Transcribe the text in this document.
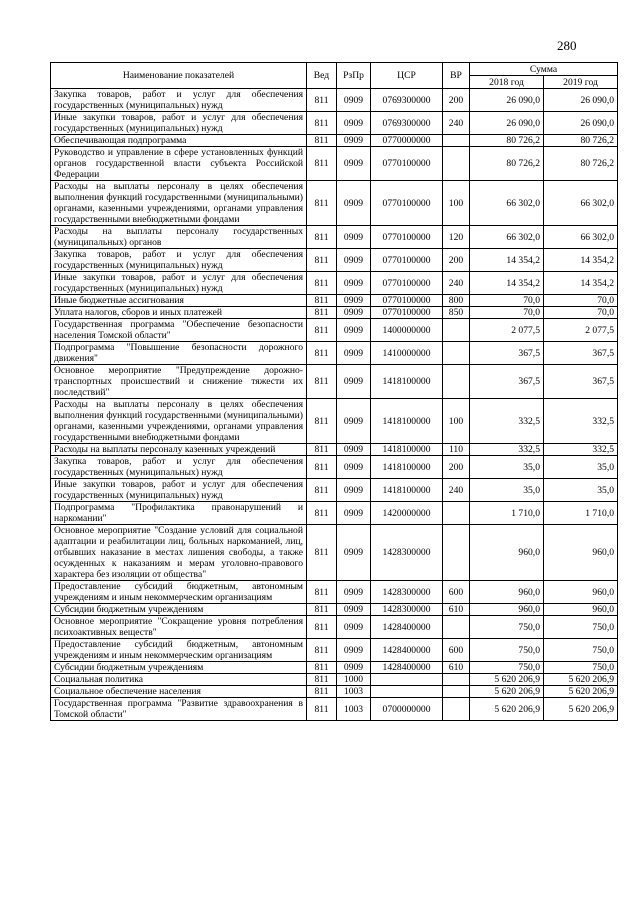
280
Наименование показателей	Вед	РзПр	ЦСР	ВР	Сумма	
					2018 год	2019 год
Закупка товаров, работ и услуг для обеспечения государственных (муниципальных) нужд	811	0909	0769300000	200	26 090,0	26 090,0
Иные закупки товаров, работ и услуг для обеспечения государственных (муниципальных) нужд	811	0909	0769300000	240	26 090,0	26 090,0
Обеспечивающая подпрограмма	811	0909	0770000000		80 726,2	80 726,2
Руководство и управление в сфере установленных функций органов государственной власти субъекта Российской Федерации	811	0909	0770100000		80 726,2	80 726,2
Расходы на выплаты персоналу в целях обеспечения выполнения функций государственными (муниципальными) органами, казенными учреждениями, органами управления государственными внебюджетными фондами	811	0909	0770100000	100	66 302,0	66 302,0
Расходы на выплаты персоналу государственных (муниципальных) органов	811	0909	0770100000	120	66 302,0	66 302,0
Закупка товаров, работ и услуг для обеспечения государственных (муниципальных) нужд	811	0909	0770100000	200	14 354,2	14 354,2
Иные закупки товаров, работ и услуг для обеспечения государственных (муниципальных) нужд	811	0909	0770100000	240	14 354,2	14 354,2
Иные бюджетные ассигнования	811	0909	0770100000	800	70,0	70,0
Уплата налогов, сборов и иных платежей	811	0909	0770100000	850	70,0	70,0
Государственная программа "Обеспечение безопасности населения Томской области"	811	0909	1400000000		2 077,5	2 077,5
Подпрограмма "Повышение безопасности дорожного движения"	811	0909	1410000000		367,5	367,5
Основное мероприятие "Предупреждение дорожно-транспортных происшествий и снижение тяжести их последствий"	811	0909	1418100000		367,5	367,5
Расходы на выплаты персоналу в целях обеспечения выполнения функций государственными (муниципальными) органами, казенными учреждениями, органами управления государственными внебюджетными фондами	811	0909	1418100000	100	332,5	332,5
Расходы на выплаты персоналу казенных учреждений	811	0909	1418100000	110	332,5	332,5
Закупка товаров, работ и услуг для обеспечения государственных (муниципальных) нужд	811	0909	1418100000	200	35,0	35,0
Иные закупки товаров, работ и услуг для обеспечения государственных (муниципальных) нужд	811	0909	1418100000	240	35,0	35,0
Подпрограмма "Профилактика правонарушений и наркомании"	811	0909	1420000000		1 710,0	1 710,0
Основное мероприятие "Создание условий для социальной адаптации и реабилитации лиц, больных наркоманией, лиц, отбывших наказание в местах лишения свободы, а также осужденных к наказаниям и мерам уголовно-правового характера без изоляции от общества"	811	0909	1428300000		960,0	960,0
Предоставление субсидий бюджетным, автономным учреждениям и иным некоммерческим организациям	811	0909	1428300000	600	960,0	960,0
Субсидии бюджетным учреждениям	811	0909	1428300000	610	960,0	960,0
Основное мероприятие "Сокращение уровня потребления психоактивных веществ"	811	0909	1428400000		750,0	750,0
Предоставление субсидий бюджетным, автономным учреждениям и иным некоммерческим организациям	811	0909	1428400000	600	750,0	750,0
Субсидии бюджетным учреждениям	811	0909	1428400000	610	750,0	750,0
Социальная политика	811	1000			5 620 206,9	5 620 206,9
Социальное обеспечение населения	811	1003			5 620 206,9	5 620 206,9
Государственная программа "Развитие здравоохранения в Томской области"	811	1003	0700000000		5 620 206,9	5 620 206,9
